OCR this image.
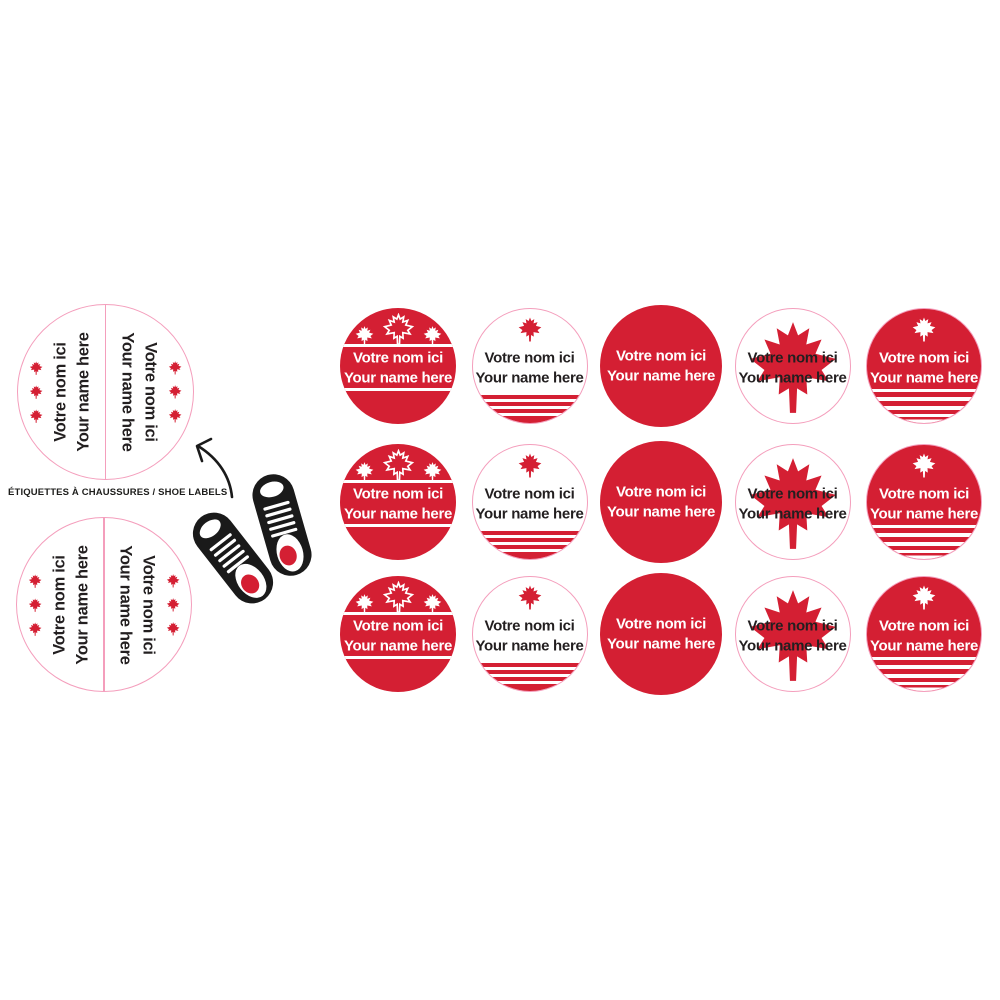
Votre nom ici Your name here	Votre nom ici
Your name here
ÉTIQUETTES À CHAUSSURES / SHOE LABELS
Votre nom ici Your name here	Votre nom ici
Your name here
Votre nom ici
Your name here
Votre nom ici
Your name here
Votre nom ici
Your name here
Votre nom ici
Your name here
Votre nom ici
Your name here
Votre nom ici
Your name here
Votre nom ici
Your name here
Votre nom ici
Your name here
Votre nom ici
Your name here
Votre nom ici
Your name here
Votre nom ici
Your name here
Votre nom ici
Your name here
Votre nom ici
Your name here
Votre nom ici
Your name here
Votre nom ici
Your name here
